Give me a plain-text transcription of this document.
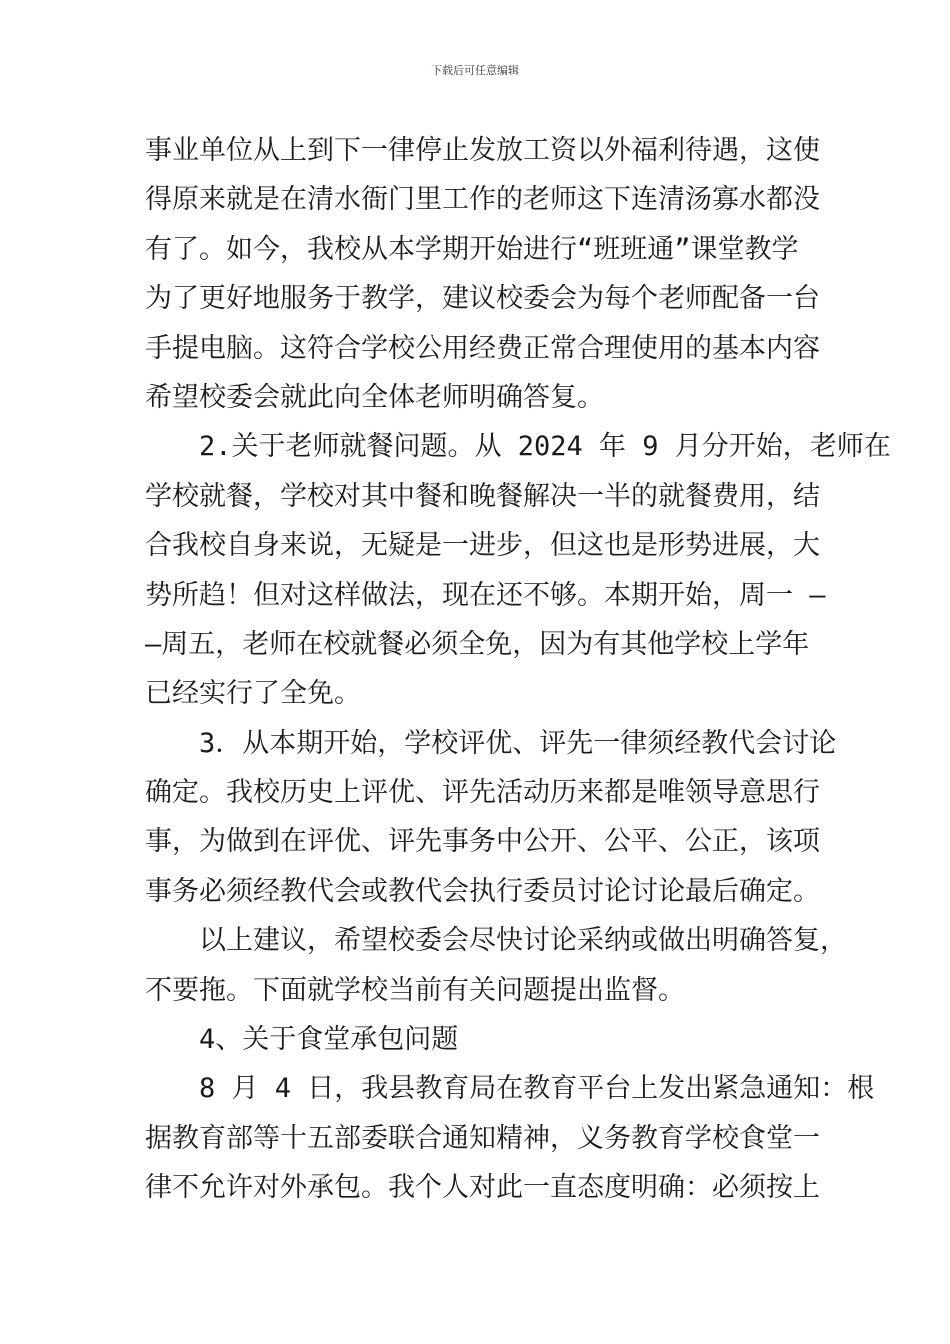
下载后可任意编辑
事业单位从上到下一律停止发放工资以外福利待遇，这使
得原来就是在清水衙门里工作的老师这下连清汤寡水都没
有了。如今，我校从本学期开始进行“班班通”课堂教学
为了更好地服务于教学，建议校委会为每个老师配备一台
手提电脑。这符合学校公用经费正常合理使用的基本内容
希望校委会就此向全体老师明确答复。
2.关于老师就餐问题。从 2024 年 9 月分开始，老师在
学校就餐，学校对其中餐和晚餐解决一半的就餐费用，结
合我校自身来说，无疑是一进步，但这也是形势进展，大
势所趋！但对这样做法，现在还不够。本期开始，周一 —
—周五，老师在校就餐必须全免，因为有其他学校上学年
已经实行了全免。
3．从本期开始，学校评优、评先一律须经教代会讨论
确定。我校历史上评优、评先活动历来都是唯领导意思行
事，为做到在评优、评先事务中公开、公平、公正，该项
事务必须经教代会或教代会执行委员讨论讨论最后确定。
以上建议，希望校委会尽快讨论采纳或做出明确答复，
不要拖。下面就学校当前有关问题提出监督。
4、关于食堂承包问题
8 月 4 日，我县教育局在教育平台上发出紧急通知：根
据教育部等十五部委联合通知精神，义务教育学校食堂一
律不允许对外承包。我个人对此一直态度明确：必须按上
